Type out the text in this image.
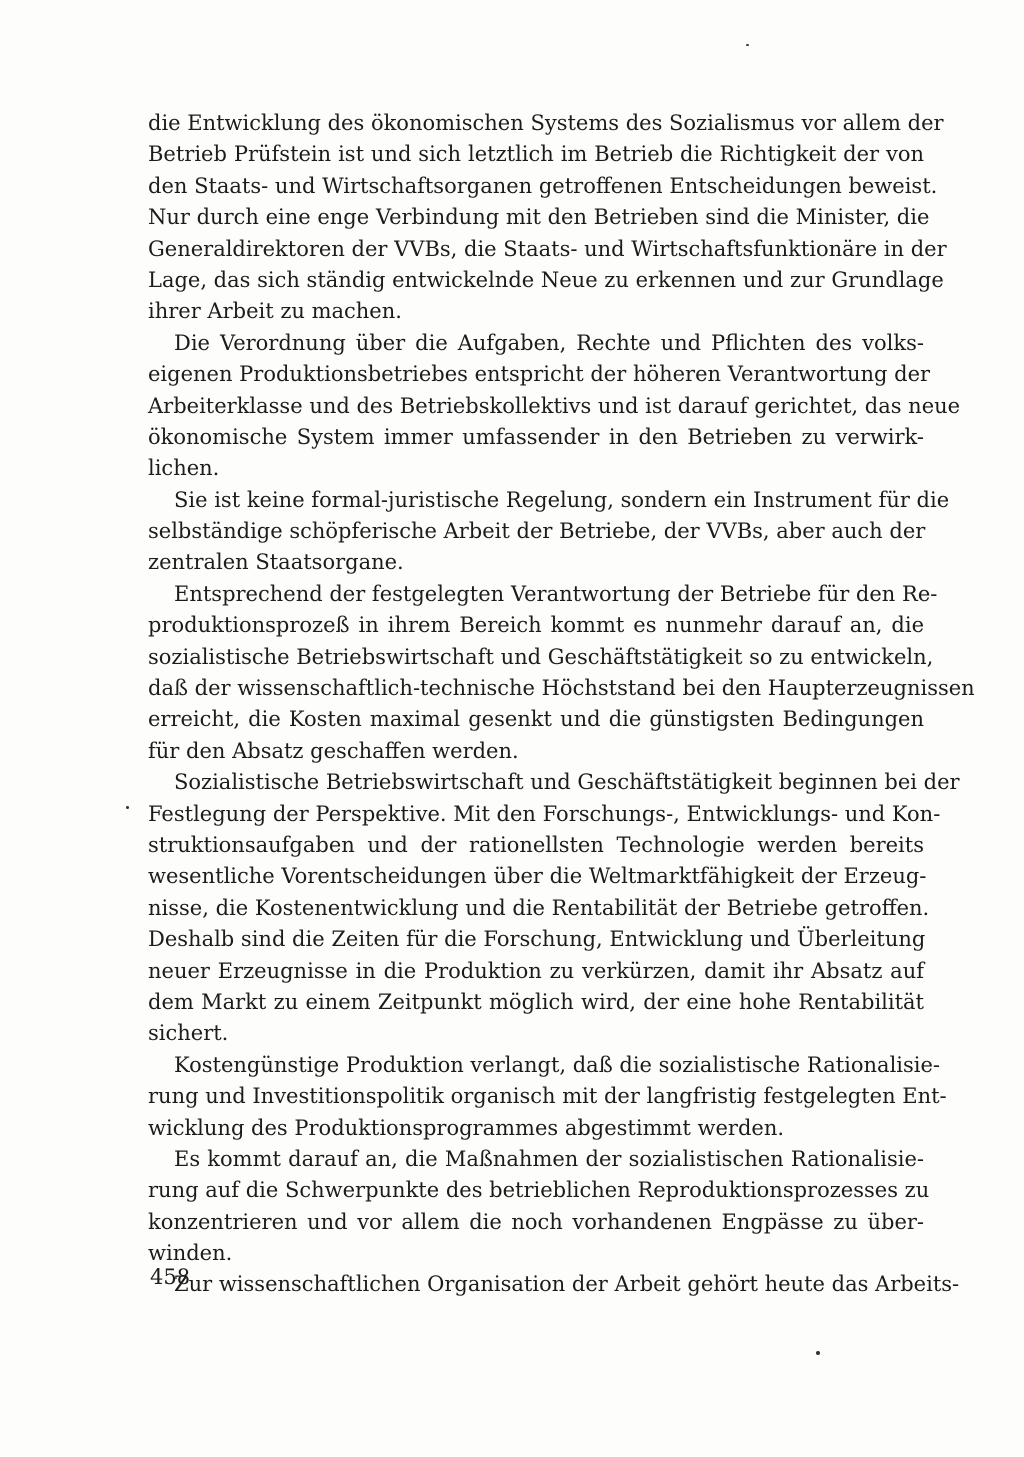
die Entwicklung des ökonomischen Systems des Sozialismus vor allem der
Betrieb Prüfstein ist und sich letztlich im Betrieb die Richtigkeit der von
den Staats- und Wirtschaftsorganen getroffenen Entscheidungen beweist.
Nur durch eine enge Verbindung mit den Betrieben sind die Minister, die
Generaldirektoren der VVBs, die Staats- und Wirtschaftsfunktionäre in der
Lage, das sich ständig entwickelnde Neue zu erkennen und zur Grundlage
ihrer Arbeit zu machen.
Die Verordnung über die Aufgaben, Rechte und Pflichten des volks-
eigenen Produktionsbetriebes entspricht der höheren Verantwortung der
Arbeiterklasse und des Betriebskollektivs und ist darauf gerichtet, das neue
ökonomische System immer umfassender in den Betrieben zu verwirk-
lichen.
Sie ist keine formal-juristische Regelung, sondern ein Instrument für die
selbständige schöpferische Arbeit der Betriebe, der VVBs, aber auch der
zentralen Staatsorgane.
Entsprechend der festgelegten Verantwortung der Betriebe für den Re-
produktionsprozeß in ihrem Bereich kommt es nunmehr darauf an, die
sozialistische Betriebswirtschaft und Geschäftstätigkeit so zu entwickeln,
daß der wissenschaftlich-technische Höchststand bei den Haupterzeugnissen
erreicht, die Kosten maximal gesenkt und die günstigsten Bedingungen
für den Absatz geschaffen werden.
Sozialistische Betriebswirtschaft und Geschäftstätigkeit beginnen bei der
Festlegung der Perspektive. Mit den Forschungs-, Entwicklungs- und Kon-
struktionsaufgaben und der rationellsten Technologie werden bereits
wesentliche Vorentscheidungen über die Weltmarktfähigkeit der Erzeug-
nisse, die Kostenentwicklung und die Rentabilität der Betriebe getroffen.
Deshalb sind die Zeiten für die Forschung, Entwicklung und Überleitung
neuer Erzeugnisse in die Produktion zu verkürzen, damit ihr Absatz auf
dem Markt zu einem Zeitpunkt möglich wird, der eine hohe Rentabilität
sichert.
Kostengünstige Produktion verlangt, daß die sozialistische Rationalisie-
rung und Investitionspolitik organisch mit der langfristig festgelegten Ent-
wicklung des Produktionsprogrammes abgestimmt werden.
Es kommt darauf an, die Maßnahmen der sozialistischen Rationalisie-
rung auf die Schwerpunkte des betrieblichen Reproduktionsprozesses zu
konzentrieren und vor allem die noch vorhandenen Engpässe zu über-
winden.
Zur wissenschaftlichen Organisation der Arbeit gehört heute das Arbeits-
458
